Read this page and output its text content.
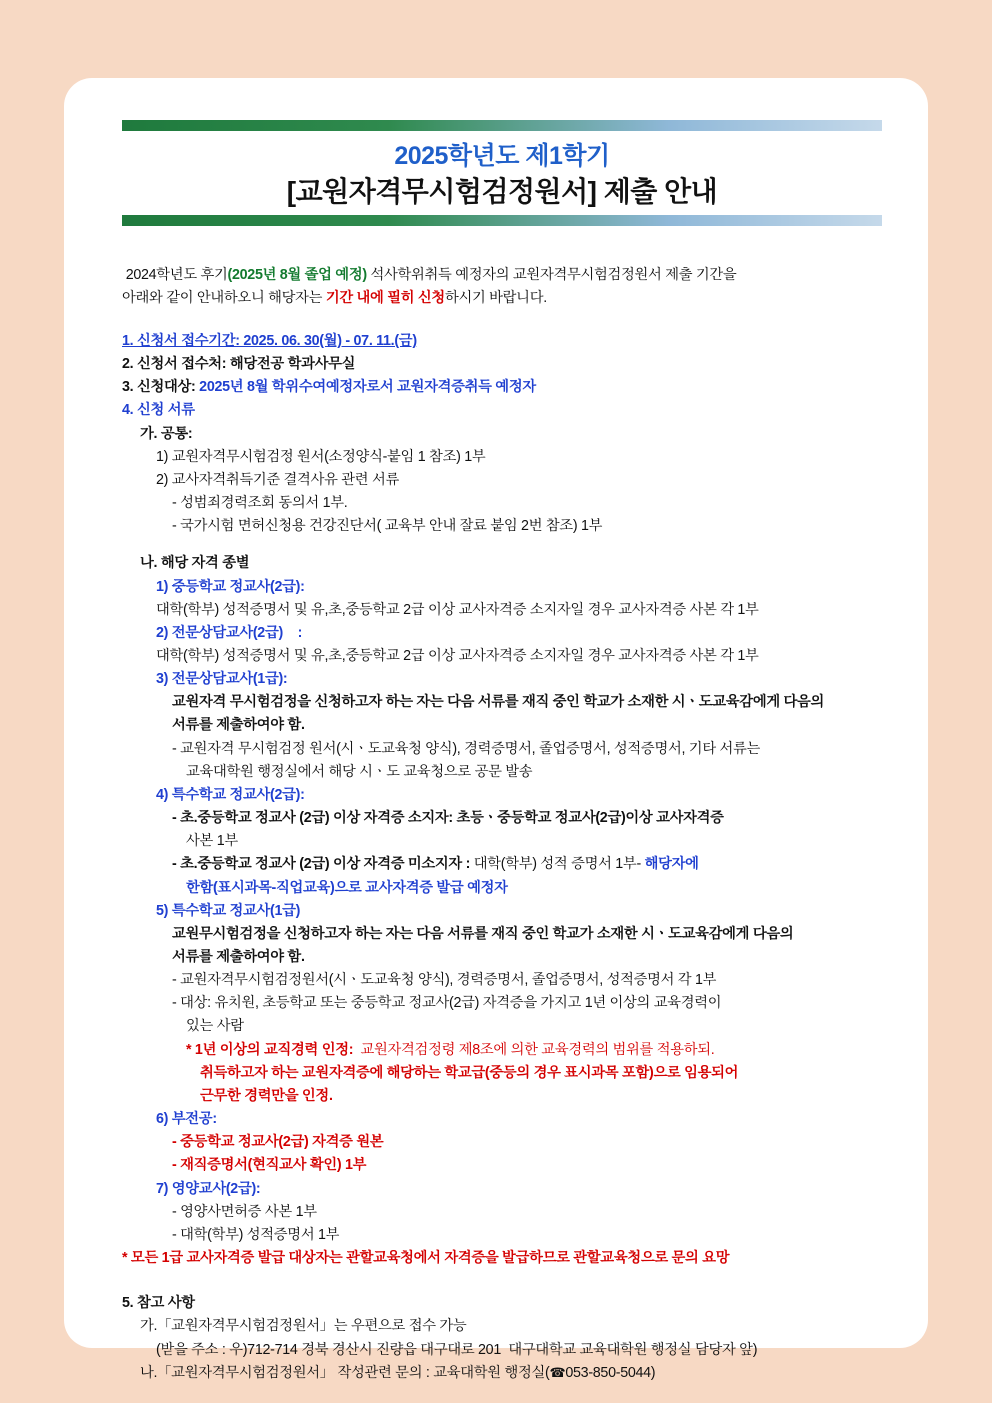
2025학년도 제1학기
[교원자격무시험검정원서] 제출 안내
2024학년도 후기(2025년 8월 졸업 예정) 석사학위취득 예정자의 교원자격무시험검정원서 제출 기간을
아래와 같이 안내하오니 해당자는 기간 내에 필히 신청하시기 바랍니다.
1. 신청서 접수기간: 2025. 06. 30(월) - 07. 11.(금)
2. 신청서 접수처: 해당전공 학과사무실
3. 신청대상: 2025년 8월 학위수여예정자로서 교원자격증취득 예정자
4. 신청 서류
가. 공통:
1) 교원자격무시험검정 원서(소정양식-붙임 1 참조) 1부
2) 교사자격취득기준 결격사유 관련 서류
- 성범죄경력조회 동의서 1부.
- 국가시험 면허신청용 건강진단서( 교육부 안내 잘료 붙임 2번 참조) 1부
나. 해당 자격 종별
1) 중등학교 정교사(2급):
대학(학부) 성적증명서 및 유,초,중등학교 2급 이상 교사자격증 소지자일 경우 교사자격증 사본 각 1부
2) 전문상담교사(2급)    :
대학(학부) 성적증명서 및 유,초,중등학교 2급 이상 교사자격증 소지자일 경우 교사자격증 사본 각 1부
3) 전문상담교사(1급):
교원자격 무시험검정을 신청하고자 하는 자는 다음 서류를 재직 중인 학교가 소재한 시ㆍ도교육감에게 다음의
서류를 제출하여야 함.
- 교원자격 무시험검정 원서(시ㆍ도교육청 양식), 경력증명서, 졸업증명서, 성적증명서, 기타 서류는
교육대학원 행정실에서 해당 시ㆍ도 교육청으로 공문 발송
4) 특수학교 정교사(2급):
- 초.중등학교 정교사 (2급) 이상 자격증 소지자: 초등ㆍ중등학교 정교사(2급)이상 교사자격증
사본 1부
- 초.중등학교 정교사 (2급) 이상 자격증 미소지자 : 대학(학부) 성적 증명서 1부- 해당자에
한함(표시과목-직업교육)으로 교사자격증 발급 예정자
5) 특수학교 정교사(1급)
교원무시험검정을 신청하고자 하는 자는 다음 서류를 재직 중인 학교가 소재한 시ㆍ도교육감에게 다음의
서류를 제출하여야 함.
- 교원자격무시험검정원서(시ㆍ도교육청 양식), 경력증명서, 졸업증명서, 성적증명서 각 1부
- 대상: 유치원, 초등학교 또는 중등학교 정교사(2급) 자격증을 가지고 1년 이상의 교육경력이
있는 사람
* 1년 이상의 교직경력 인정:  교원자격검정령 제8조에 의한 교육경력의 범위를 적용하되.
취득하고자 하는 교원자격증에 해당하는 학교급(중등의 경우 표시과목 포함)으로 임용되어
근무한 경력만을 인정.
6) 부전공:
- 중등학교 정교사(2급) 자격증 원본
- 재직증명서(현직교사 확인) 1부
7) 영양교사(2급):
- 영양사면허증 사본 1부
- 대학(학부) 성적증명서 1부
* 모든 1급 교사자격증 발급 대상자는 관할교육청에서 자격증을 발급하므로 관할교육청으로 문의 요망
5. 참고 사항
가.「교원자격무시험검정원서」는 우편으로 접수 가능
(받을 주소 : 우)712-714 경북 경산시 진량읍 대구대로 201  대구대학교 교육대학원 행정실 담당자 앞)
나.「교원자격무시험검정원서」 작성관련 문의 : 교육대학원 행정실(☎053-850-5044)
